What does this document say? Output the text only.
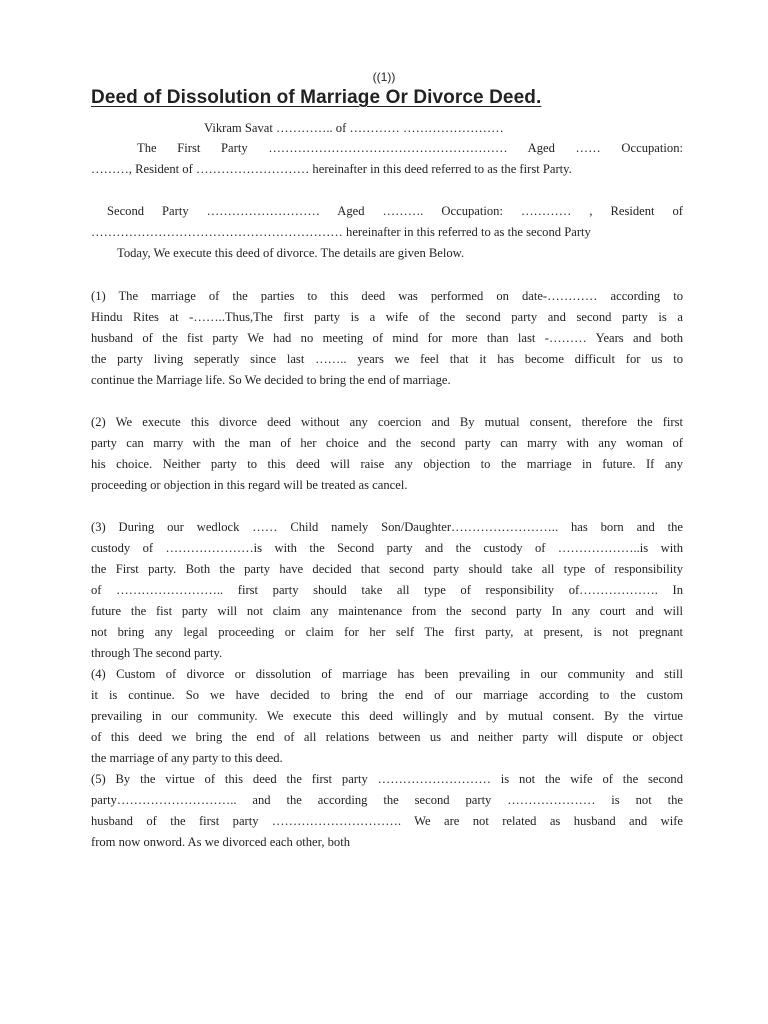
((1))
Deed of Dissolution of Marriage Or Divorce Deed.
Vikram Savat ………….. of ………… ……………………
The First Party ………………………………………………… Aged …… Occupation:
………, Resident of ……………………… hereinafter in this deed referred to as the first Party.
Second Party ……………………… Aged ………. Occupation: ………… , Resident of
…………………………………………………… hereinafter in this referred to as the second Party
Today, We execute this deed of divorce. The details are given Below.
(1) The marriage of the parties to this deed was performed on date-………… according to
Hindu Rites at -……..Thus,The first party is a wife of the second party and second party is a
husband of the fist party We had no meeting of mind for more than last -……… Years and both
the party living seperatly since last …….. years we feel that it has become difficult for us to
continue the Marriage life. So We decided to bring the end of marriage.
(2) We execute this divorce deed without any coercion and By mutual consent, therefore the first
party can marry with the man of her choice and the second party can marry with any woman of
his choice. Neither party to this deed will raise any objection to the marriage in future. If any
proceeding or objection in this regard will be treated as cancel.
(3) During our wedlock …… Child namely Son/Daughter…………………….. has born and the
custody of …………………is with the Second party and the custody of ………………..is with
the First party. Both the party have decided that second party should take all type of responsibility
of …………………….. first party should take all type of responsibility of………………. In
future the fist party will not claim any maintenance from the second party In any court and will
not bring any legal proceeding or claim for her self The first party, at present, is not pregnant
through The second party.
(4) Custom of divorce or dissolution of marriage has been prevailing in our community and still
it is continue. So we have decided to bring the end of our marriage according to the custom
prevailing in our community. We execute this deed willingly and by mutual consent. By the virtue
of this deed we bring the end of all relations between us and neither party will dispute or object
the marriage of any party to this deed.
(5) By the virtue of this deed the first party ……………………… is not the wife of the second
party……………………….. and the according the second party ………………… is not the
husband of the first party …………………………. We are not related as husband and wife
from now onword. As we divorced each other, both
